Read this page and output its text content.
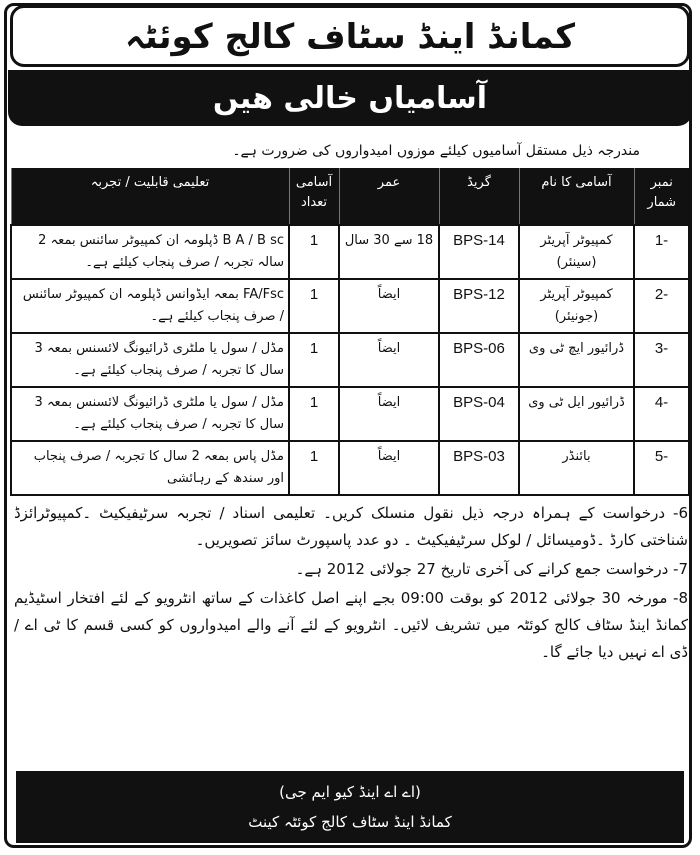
کمانڈ اینڈ سٹاف کالج کوئٹہ
آسامیاں خالی ھیں
مندرجہ ذیل مستقل آسامیوں کیلئے موزوں امیدواروں کی ضرورت ہے۔
نمبر شمار	آسامی کا نام	گریڈ	عمر	آسامی تعداد	تعلیمی قابلیت / تجربہ
-1	کمپیوٹر آپریٹر (سینئر)	BPS-14	18 سے 30 سال	1	B A / B sc ڈپلومہ ان کمپیوٹر سائنس بمعہ 2 سالہ تجربہ / صرف پنجاب کیلئے ہے۔
-2	کمپیوٹر آپریٹر (جونیئر)	BPS-12	ایضاً	1	FA/Fsc بمعہ ایڈوانس ڈپلومہ ان کمپیوٹر سائنس / صرف پنجاب کیلئے ہے۔
-3	ڈرائیور ایچ ٹی وی	BPS-06	ایضاً	1	مڈل / سول یا ملٹری ڈرائیونگ لائسنس بمعہ 3 سال کا تجربہ / صرف پنجاب کیلئے ہے۔
-4	ڈرائیور ایل ٹی وی	BPS-04	ایضاً	1	مڈل / سول یا ملٹری ڈرائیونگ لائسنس بمعہ 3 سال کا تجربہ / صرف پنجاب کیلئے ہے۔
-5	بائنڈر	BPS-03	ایضاً	1	مڈل پاس بمعہ 2 سال کا تجربہ / صرف پنجاب اور سندھ کے رہائشی

6- درخواست کے ہمراہ درجہ ذیل نقول منسلک کریں۔ تعلیمی اسناد / تجربہ سرٹیفیکیٹ ۔کمپیوٹرائزڈ شناختی کارڈ ۔ڈومیسائل / لوکل سرٹیفیکیٹ ۔ دو عدد پاسپورٹ سائز تصویریں۔

7- درخواست جمع کرانے کی آخری تاریخ 27 جولائی 2012 ہے۔

8- مورخہ 30 جولائی 2012 کو بوقت 09:00 بجے اپنے اصل کاغذات کے ساتھ انٹرویو کے لئے افتخار اسٹیڈیم کمانڈ اینڈ سٹاف کالج کوئٹہ میں تشریف لائیں۔ انٹرویو کے لئے آنے والے امیدواروں کو کسی قسم کا ٹی اے / ڈی اے نہیں دیا جائے گا۔

(اے اے اینڈ کیو ایم جی)
کمانڈ اینڈ سٹاف کالج کوئٹہ کینٹ
